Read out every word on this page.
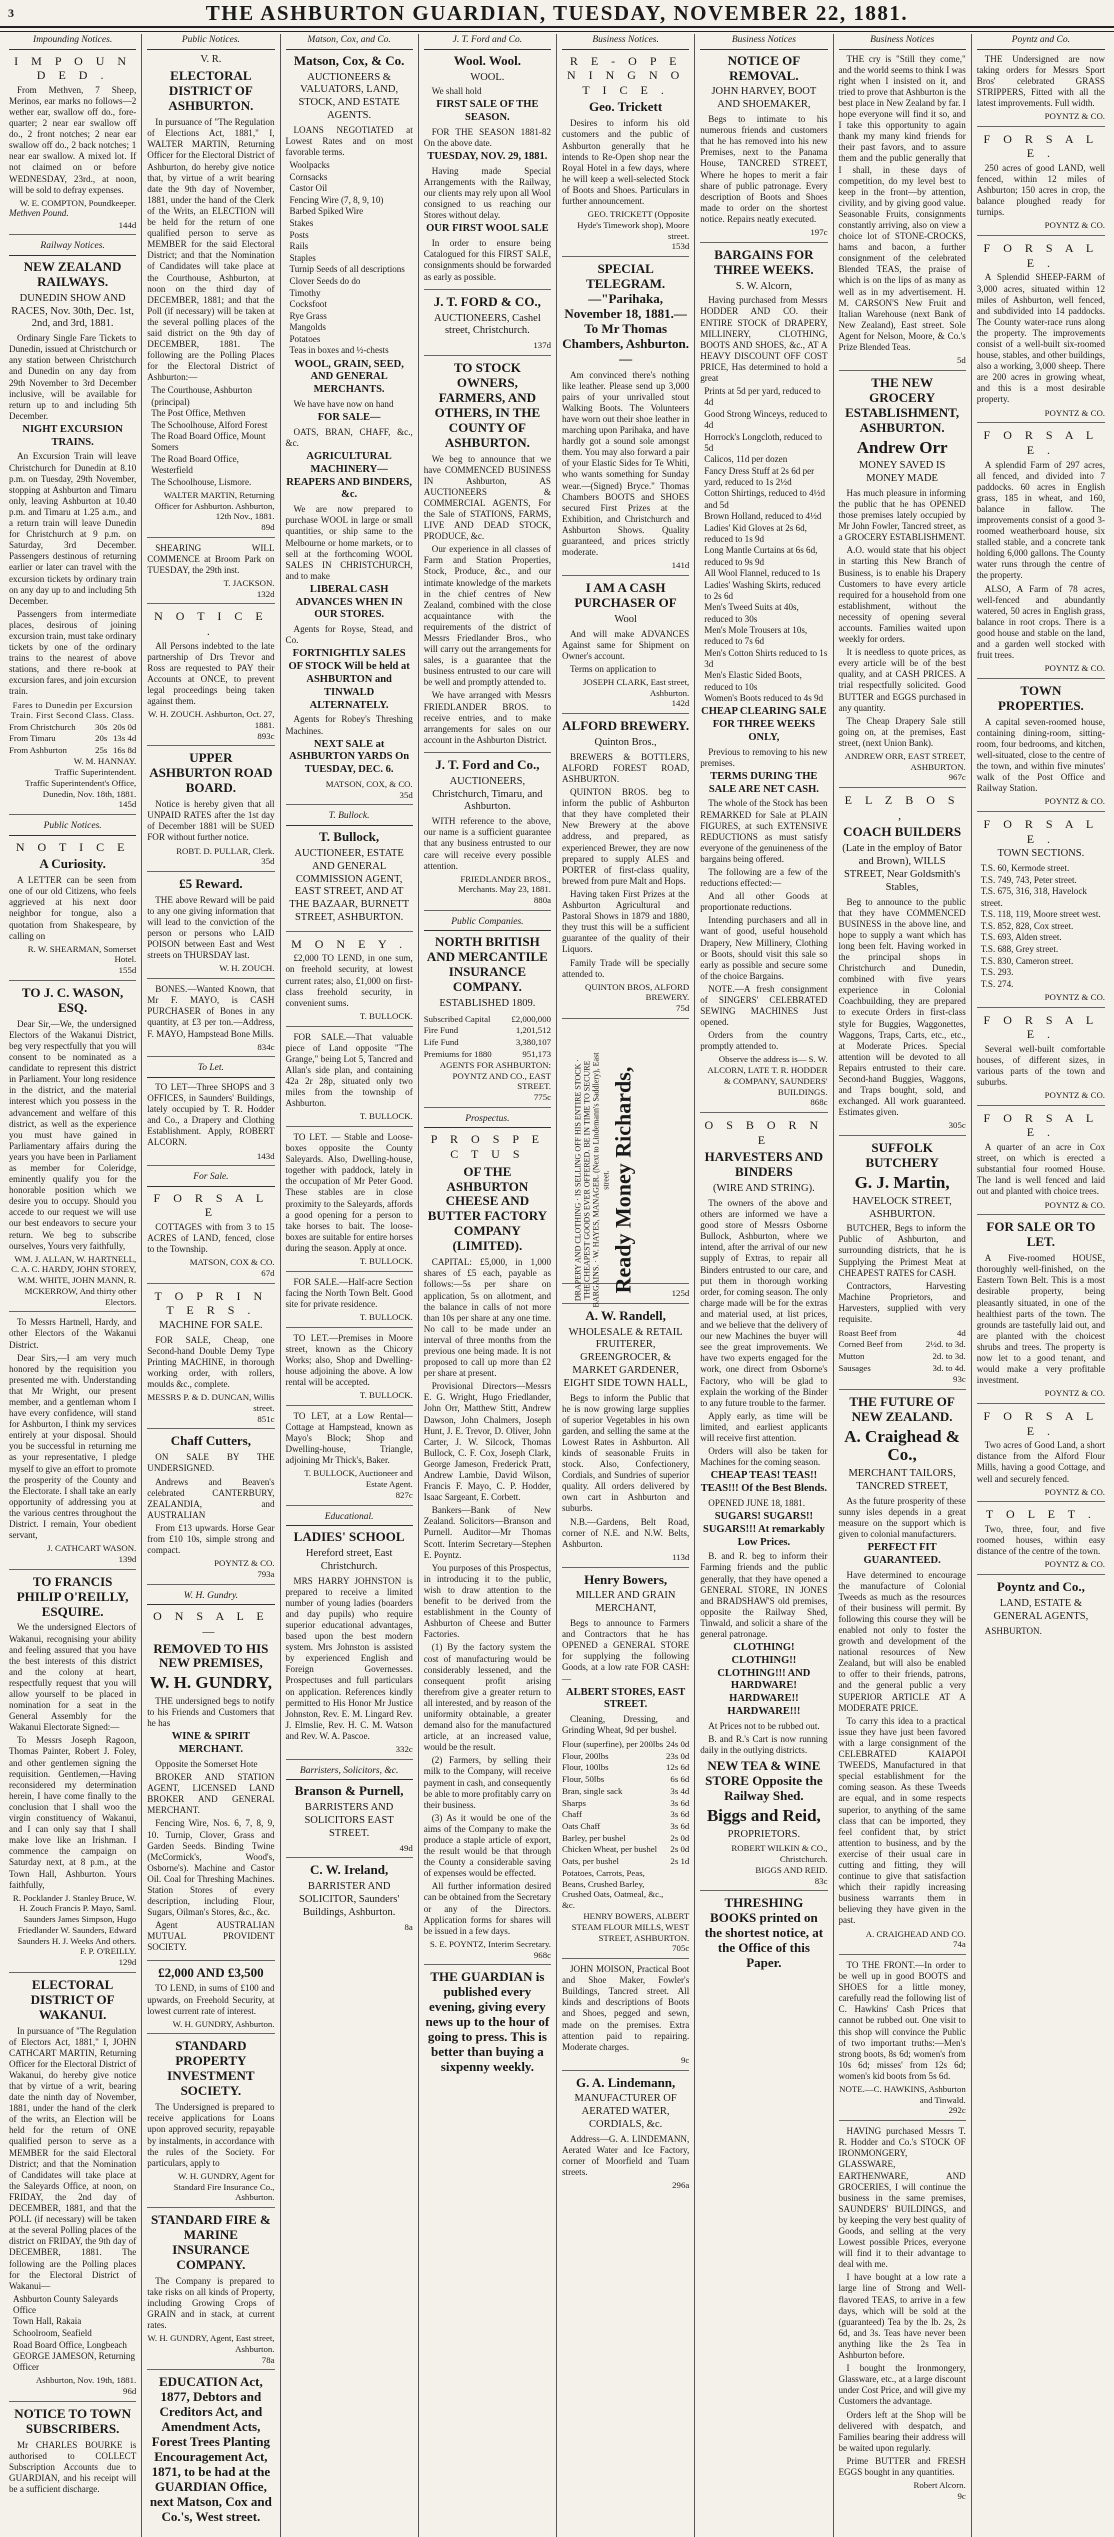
3	THE ASHBURTON GUARDIAN, TUESDAY, NOVEMBER 22, 1881.
Impounding Notices.
I M P O U N D E D .
From Methven, 7 Sheep, Merinos, ear marks no follows—2 wether ear, swallow off do., fore-quarter; 2 near ear swallow off do., 2 front notches; 2 near ear swallow off do., 2 back notches; 1 near ear swallow. A mixed lot. If not claimed on or before WEDNESDAY, 23rd., at noon, will be sold to defray expenses.
W. E. COMPTON, Poundkeeper.
Methven Pound.
144d
Railway Notices.
NEW ZEALAND RAILWAYS.
DUNEDIN SHOW AND RACES, Nov. 30th, Dec. 1st, 2nd, and 3rd, 1881.
Ordinary Single Fare Tickets to Dunedin, issued at Christchurch or any station between Christchurch and Dunedin on any day from 29th November to 3rd December inclusive, will be available for return up to and including 5th December.
NIGHT EXCURSION TRAINS.
An Excursion Train will leave Christchurch for Dunedin at 8.10 p.m. on Tuesday, 29th November, stopping at Ashburton and Timaru only, leaving Ashburton at 10.40 p.m. and Timaru at 1.25 a.m., and a return train will leave Dunedin for Christchurch at 9 p.m. on Saturday, 3rd December. Passengers destinous of returning earlier or later can travel with the excursion tickets by ordinary train on any day up to and including 5th December.
Passengers from intermediate places, desirous of joining excursion train, must take ordinary tickets by one of the ordinary trains to the nearest of above stations, and there re-book at excursion fares, and join excursion train.
Fares to Dunedin per Excursion Train. First Second Class. Class.
From Christchurch	30s	20s 0d
From Timaru	20s	13s 4d
From Ashburton	25s	16s 8d
W. M. HANNAY.
Traffic Superintendent.
Traffic Superintendent's Office, Dunedin, Nov. 18th, 1881.
145d
Public Notices.
N O T I C E
A Curiosity.
A LETTER can be seen from one of our old Citizens, who feels aggrieved at his next door neighbor for tongue, also a quotation from Shakespeare, by calling on
R. W. SHEARMAN, Somerset Hotel.
155d
TO J. C. WASON, ESQ.
Dear Sir,—We, the undersigned Electors of the Wakanui District, beg very respectfully that you will consent to be nominated as a candidate to represent this district in Parliament. Your long residence in the district, and the material interest which you possess in the advancement and welfare of this district, as well as the experience you must have gained in Parliamentary affairs during the years you have been in Parliament as member for Coleridge, eminently qualify you for the honorable position which we desire you to occupy. Should you accede to our request we will use our best endeavors to secure your return. We beg to subscribe ourselves, Yours very faithfully,
WM. J. ALLAN, W. HARTNELL, C. A. C. HARDY, JOHN STOREY, W.M. WHITE, JOHN MANN, R. MCKERROW, And thirty other Electors.
To Messrs Hartnell, Hardy, and other Electors of the Wakanui District.
Dear Sirs,—I am very much honored by the requisition you presented me with. Understanding that Mr Wright, our present member, and a gentleman whom I have every confidence, will stand for Ashburton, I think my services entirely at your disposal. Should you be successful in returning me as your representative, I pledge myself to give an effort to promote the prosperity of the County and the Electorate. I shall take an early opportunity of addressing you at the various centres throughout the District. I remain, Your obedient servant,
J. CATHCART WASON.
139d
TO FRANCIS PHILIP O'REILLY, ESQUIRE.
We the undersigned Electors of Wakanui, recognising your ability and feeling assured that you have the best interests of this district and the colony at heart, respectfully request that you will allow yourself to be placed in nomination for a seat in the General Assembly for the Wakanui Electorate Signed:—
To Messrs Joseph Ragoon, Thomas Painter, Robert J. Foley, and other gentlemen signing the requisition. Gentlemen,—Having reconsidered my determination herein, I have come finally to the conclusion that I shall woo the virgin constituency of Wakanui, and I can only say that I shall make love like an Irishman. I commence the campaign on Saturday next, at 8 p.m., at the Town Hall, Ashburton. Yours faithfully,
R. Pocklander J. Stanley Bruce, W. H. Zouch Francis P. Mayo, Saml. Saunders James Simpson, Hugo Friedlander W. Saunders, Edward Saunders H. J. Weeks And others.
F. P. O'REILLY.
129d
ELECTORAL DISTRICT OF WAKANUI.
In pursuance of "The Regulation of Electors Act, 1881," I, JOHN CATHCART MARTIN, Returning Officer for the Electoral District of Wakanui, do hereby give notice that by virtue of a writ, bearing date the ninth day of November, 1881, under the hand of the clerk of the writs, an Election will be held for the return of ONE qualified person to serve as a MEMBER for the said Electoral District; and that the Nomination of Candidates will take place at the Saleyards Office, at noon, on FRIDAY, the 2nd day of DECEMBER, 1881, and that the POLL (if necessary) will be taken at the several Polling places of the district on FRIDAY, the 9th day of DECEMBER, 1881. The following are the Polling places for the Electoral District of Wakanui—
Ashburton County Saleyards Office
Town Hall, Rakaia
Schoolroom, Seafield
Road Board Office, Longbeach
GEORGE JAMESON, Returning Officer
Ashburton, Nov. 19th, 1881.
96d
NOTICE TO TOWN SUBSCRIBERS.
Mr CHARLES BOURKE is authorised to COLLECT Subscription Accounts due to GUARDIAN, and his receipt will be a sufficient discharge.
Public Notices.
V. R.
ELECTORAL DISTRICT OF ASHBURTON.
In pursuance of "The Regulation of Elections Act, 1881," I, WALTER MARTIN, Returning Officer for the Electoral District of Ashburton, do hereby give notice that, by virtue of a writ bearing date the 9th day of November, 1881, under the hand of the Clerk of the Writs, an ELECTION will be held for the return of one qualified person to serve as MEMBER for the said Electoral District; and that the Nomination of Candidates will take place at the Courthouse, Ashburton, at noon on the third day of DECEMBER, 1881; and that the Poll (if necessary) will be taken at the several polling places of the said district on the 9th day of DECEMBER, 1881. The following are the Polling Places for the Electoral District of Ashburton:—
The Courthouse, Ashburton (principal)
The Post Office, Methven
The Schoolhouse, Alford Forest
The Road Board Office, Mount Somers
The Road Board Office, Westerfield
The Schoolhouse, Lismore.
WALTER MARTIN, Returning Officer for Ashburton. Ashburton, 12th Nov., 1881.
89d
SHEARING WILL COMMENCE at Broom Park on TUESDAY, the 29th inst.
T. JACKSON.
132d
N O T I C E .
All Persons indebted to the late partnership of Drs Trevor and Ross are requested to PAY their Accounts at ONCE, to prevent legal proceedings being taken against them.
W. H. ZOUCH. Ashburton, Oct. 27, 1881.
893c
UPPER ASHBURTON ROAD BOARD.
Notice is hereby given that all UNPAID RATES after the 1st day of December 1881 will be SUED FOR without further notice.
ROBT. D. PULLAR, Clerk.
35d
£5 Reward.
THE above Reward will be paid to any one giving information that will lead to the conviction of the person or persons who LAID POISON between East and West streets on THURSDAY last.
W. H. ZOUCH.
BONES.—Wanted Known, that Mr F. MAYO, is CASH PURCHASER of Bones in any quantity, at £3 per ton.—Address, F. MAYO, Hampstead Bone Mills.
834c
To Let.
TO LET—Three SHOPS and 3 OFFICES, in Saunders' Buildings, lately occupied by T. R. Hodder and Co., a Drapery and Clothing Establishment. Apply, ROBERT ALCORN.
143d
For Sale.
F O R S A L E
COTTAGES with from 3 to 15 ACRES of LAND, fenced, close to the Township.
MATSON, COX & CO.
67d
T O P R I N T E R S .
MACHINE FOR SALE.
FOR SALE, Cheap, one Second-hand Double Demy Type Printing MACHINE, in thorough working order, with rollers, moulds &c., complete.
MESSRS P. & D. DUNCAN, Willis street.
851c
Chaff Cutters,
ON SALE BY THE UNDERSIGNED.
Andrews and Beaven's celebrated CANTERBURY, ZEALANDIA, and AUSTRALIAN
From £13 upwards. Horse Gear from £10 10s, simple strong and compact.
POYNTZ & CO.
793a
W. H. Gundry.
O N S A L E —
REMOVED TO HIS NEW PREMISES,
W. H. GUNDRY,
THE undersigned begs to notify to his Friends and Customers that he has
WINE & SPIRIT MERCHANT.
Opposite the Somerset Hote
BROKER AND STATION AGENT, LICENSED LAND BROKER AND GENERAL MERCHANT.
Fencing Wire, Nos. 6, 7, 8, 9, 10. Turnip, Clover, Grass and Garden Seeds. Binding Twine (McCormick's, Wood's, Osborne's). Machine and Castor Oil. Coal for Threshing Machines. Station Stores of every description, including Flour, Sugars, Oilman's Stores, &c., &c.
Agent AUSTRALIAN MUTUAL PROVIDENT SOCIETY.
£2,000 AND £3,500
TO LEND, in sums of £100 and upwards, on Freehold Security, at lowest current rate of interest.
W. H. GUNDRY, Ashburton.
STANDARD PROPERTY INVESTMENT SOCIETY.
The Undersigned is prepared to receive applications for Loans upon approved security, repayable by instalments, in accordance with the rules of the Society. For particulars, apply to
W. H. GUNDRY, Agent for Standard Fire Insurance Co., Ashburton.
STANDARD FIRE & MARINE INSURANCE COMPANY.
The Company is prepared to take risks on all kinds of Property, including Growing Crops of GRAIN and in stack, at current rates.
W. H. GUNDRY, Agent, East street, Ashburton.
78a
EDUCATION Act, 1877, Debtors and Creditors Act, and Amendment Acts, Forest Trees Planting Encouragement Act, 1871, to be had at the GUARDIAN Office, next Matson, Cox and Co.'s, West street.
Matson, Cox, and Co.
Matson, Cox, & Co.
AUCTIONEERS & VALUATORS, LAND, STOCK, AND ESTATE AGENTS.
LOANS NEGOTIATED at Lowest Rates and on most favorable terms.
Woolpacks
Cornsacks
Castor Oil
Fencing Wire (7, 8, 9, 10)
Barbed Spiked Wire
Stakes
Posts
Rails
Staples
Turnip Seeds of all descriptions
Clover Seeds do do
Timothy
Cocksfoot
Rye Grass
Mangolds
Potatoes
Teas in boxes and ½-chests
WOOL, GRAIN, SEED, AND GENERAL MERCHANTS.
We have have now on hand
FOR SALE—
OATS, BRAN, CHAFF, &c., &c.
AGRICULTURAL MACHINERY— REAPERS AND BINDERS, &c.
We are now prepared to purchase WOOL in large or small quantities, or ship same to the Melbourne or home markets, or to sell at the forthcoming WOOL SALES IN CHRISTCHURCH, and to make
LIBERAL CASH ADVANCES WHEN IN OUR STORES.
Agents for Royse, Stead, and Co.
FORTNIGHTLY SALES OF STOCK Will be held at ASHBURTON and TINWALD ALTERNATELY.
Agents for Robey's Threshing Machines.
NEXT SALE at ASHBURTON YARDS On TUESDAY, DEC. 6.
MATSON, COX, & CO.
35d
T. Bullock.
T. Bullock,
AUCTIONEER, ESTATE AND GENERAL COMMISSION AGENT, EAST STREET, AND AT THE BAZAAR, BURNETT STREET, ASHBURTON.
M O N E Y .
£2,000 TO LEND, in one sum, on freehold security, at lowest current rates; also, £1,000 on first-class freehold security, in convenient sums.
T. BULLOCK.
FOR SALE.—That valuable piece of Land opposite "The Grange," being Lot 5, Tancred and Allan's side plan, and containing 42a 2r 28p, situated only two miles from the township of Ashburton.
T. BULLOCK.
TO LET. — Stable and Loose-boxes opposite the County Saleyards. Also, Dwelling-house, together with paddock, lately in the occupation of Mr Peter Good. These stables are in close proximity to the Saleyards, affords a good opening for a person to take horses to bait. The loose-boxes are suitable for entire horses during the season. Apply at once.
T. BULLOCK.
FOR SALE.—Half-acre Section facing the North Town Belt. Good site for private residence.
T. BULLOCK.
TO LET.—Premises in Moore street, known as the Chicory Works; also, Shop and Dwelling-house adjoining the above. A low rental will be accepted.
T. BULLOCK.
TO LET, at a Low Rental—Cottage at Hampstead, known as Mayo's Block; Shop and Dwelling-house, Triangle, adjoining Mr Thick's, Baker.
T. BULLOCK, Auctioneer and Estate Agent.
827c
Educational.
LADIES' SCHOOL
Hereford street, East Christchurch.
MRS HARRY JOHNSTON is prepared to receive a limited number of young ladies (boarders and day pupils) who require superior educational advantages, based upon the best modern system. Mrs Johnston is assisted by experienced English and Foreign Governesses. Prospectuses and full particulars on application. References kindly permitted to His Honor Mr Justice Johnston, Rev. E. M. Lingard Rev. J. Elmslie, Rev. H. C. M. Watson and Rev. W. A. Pascoe.
332c
Barristers, Solicitors, &c.
Branson & Purnell,
BARRISTERS AND SOLICITORS EAST STREET.
49d
C. W. Ireland,
BARRISTER AND SOLICITOR, Saunders' Buildings, Ashburton.
8a
J. T. Ford and Co.
Wool. Wool.
WOOL.
We shall hold
FIRST SALE OF THE SEASON.
FOR THE SEASON 1881-82 On the above date.
TUESDAY, NOV. 29, 1881.
Having made Special Arrangements with the Railway, our clients may rely upon all Wool consigned to us reaching our Stores without delay.
OUR FIRST WOOL SALE
In order to ensure being Catalogued for this FIRST SALE, consignments should be forwarded as early as possible.
J. T. FORD & CO.,
AUCTIONEERS, Cashel street, Christchurch.
137d
TO STOCK OWNERS, FARMERS, AND OTHERS, IN THE COUNTY OF ASHBURTON.
We beg to announce that we have COMMENCED BUSINESS IN Ashburton, AS AUCTIONEERS & COMMERCIAL AGENTS, For the Sale of STATIONS, FARMS, LIVE AND DEAD STOCK, PRODUCE, &c.
Our experience in all classes of Farm and Station Properties, Stock, Produce, &c., and our intimate knowledge of the markets in the chief centres of New Zealand, combined with the close acquaintance with the requirements of the district of Messrs Friedlander Bros., who will carry out the arrangements for sales, is a guarantee that the business entrusted to our care will be well and promptly attended to.
We have arranged with Messrs FRIEDLANDER BROS. to receive entries, and to make arrangements for sales on our account in the Ashburton District.
J. T. Ford and Co.,
AUCTIONEERS, Christchurch, Timaru, and Ashburton.
WITH reference to the above, our name is a sufficient guarantee that any business entrusted to our care will receive every possible attention.
FRIEDLANDER BROS., Merchants. May 23, 1881.
880a
Public Companies.
NORTH BRITISH AND MERCANTILE INSURANCE COMPANY.
ESTABLISHED 1809.
Subscribed Capital	£2,000,000
Fire Fund	1,201,512
Life Fund	3,380,107
Premiums for 1880	951,173
AGENTS FOR ASHBURTON: POYNTZ AND CO., EAST STREET.
775c
Prospectus.
P R O S P E C T U S
OF THE ASHBURTON CHEESE AND BUTTER FACTORY COMPANY (LIMITED).
CAPITAL: £5,000, in 1,000 shares of £5 each, payable as follows:—5s per share on application, 5s on allotment, and the balance in calls of not more than 10s per share at any one time. No call to be made under an interval of three months from the previous one being made. It is not proposed to call up more than £2 per share at present.
Provisional Directors—Messrs E. G. Wright, Hugo Friedlander, John Orr, Matthew Stitt, Andrew Dawson, John Chalmers, Joseph Hunt, J. E. Trevor, D. Oliver, John Carter, J. W. Silcock, Thomas Bullock, C. F. Cox, Joseph Clark, George Jameson, Frederick Pratt, Andrew Lambie, David Wilson, Francis F. Mayo, C. P. Hodder, Isaac Sargeant, E. Corbett.
Bankers—Bank of New Zealand. Solicitors—Branson and Purnell. Auditor—Mr Thomas Scott. Interim Secretary—Stephen E. Poyntz.
You purposes of this Prospectus, in introducing it to the public, wish to draw attention to the benefit to be derived from the establishment in the County of Ashburton of Cheese and Butter Factories.
(1) By the factory system the cost of manufacturing would be considerably lessened, and the consequent profit arising therefrom give a greater return to all interested, and by reason of the uniformity obtainable, a greater demand also for the manufactured article, at an increased value, would be the result.
(2) Farmers, by selling their milk to the Company, will receive payment in cash, and consequently be able to more profitably carry on their business.
(3) As it would be one of the aims of the Company to make the produce a staple article of export, the result would be that through the County a considerable saving of expenses would be effected.
All further information desired can be obtained from the Secretary or any of the Directors. Application forms for shares will be issued in a few days.
S. E. POYNTZ, Interim Secretary.
968c
THE GUARDIAN is published every evening, giving every news up to the hour of going to press. This is better than buying a sixpenny weekly.
Business Notices.
R E - O P E N I N G N O T I C E .
Geo. Trickett
Desires to inform his old customers and the public of Ashburton generally that he intends to Re-Open shop near the Royal Hotel in a few days, where he will keep a well-selected Stock of Boots and Shoes. Particulars in further announcement.
GEO. TRICKETT (Opposite Hyde's Timework shop), Moore street.
153d
SPECIAL TELEGRAM.—"Parihaka, November 18, 1881.—To Mr Thomas Chambers, Ashburton.—
Am convinced there's nothing like leather. Please send up 3,000 pairs of your unrivalled stout Walking Boots. The Volunteers have worn out their shoe leather in marching upon Parihaka, and have hardly got a sound sole amongst them. You may also forward a pair of your Elastic Sides for Te Whiti, who wants something for Sunday wear.—(Signed) Bryce." Thomas Chambers BOOTS and SHOES secured First Prizes at the Exhibition, and Christchurch and Ashburton Shows. Quality guaranteed, and prices strictly moderate.
141d
I AM A CASH PURCHASER OF
Wool
And will make ADVANCES Against same for Shipment on Owner's account.
Terms on application to
JOSEPH CLARK, East street, Ashburton.
142d
ALFORD BREWERY.
Quinton Bros.,
BREWERS & BOTTLERS, ALFORD FOREST ROAD, ASHBURTON.
QUINTON BROS. beg to inform the public of Ashburton that they have completed their New Brewery at the above address, and prepared, as experienced Brewer, they are now prepared to supply ALES and PORTER of first-class quality, brewed from pure Malt and Hops.
Having taken First Prizes at the Ashburton Agricultural and Pastoral Shows in 1879 and 1880, they trust this will be a sufficient guarantee of the quality of their Liquors.
Family Trade will be specially attended to.
QUINTON BROS, ALFORD BREWERY.
75d
DRAPERY AND CLOTHING · IS SELLING OFF HIS ENTIRE STOCK · THE CHEAPEST GOODS EVER OFFERED. BE IN TIME TO SECURE BARGAINS. · W. HAYES, MANAGER. (Next to Lindemann's Saddlery), East street. Ready Money Richards,	125d
A. W. Randell,
WHOLESALE & RETAIL FRUITERER, GREENGROCER, & MARKET GARDENER, EIGHT SIDE TOWN HALL,
Begs to inform the Public that he is now growing large supplies of superior Vegetables in his own garden, and selling the same at the Lowest Rates in Ashburton. All kinds of seasonable Fruits in stock. Also, Confectionery, Cordials, and Sundries of superior quality. All orders delivered by own cart in Ashburton and suburbs.
N.B.—Gardens, Belt Road, corner of N.E. and N.W. Belts, Ashburton.
113d
Henry Bowers,
MILLER AND GRAIN MERCHANT,
Begs to announce to Farmers and Contractors that he has OPENED a GENERAL STORE for supplying the following Goods, at a low rate FOR CASH:—
ALBERT STORES, EAST STREET.
Cleaning, Dressing, and Grinding Wheat, 9d per bushel.
Flour (superfine), per 200lbs	24s 0d
Flour, 200lbs	23s 0d
Flour, 100lbs	12s 6d
Flour, 50lbs	6s 6d
Bran, single sack	3s 4d
Sharps	3s 6d
Chaff	3s 6d
Oats Chaff	3s 6d
Barley, per bushel	2s 0d
Chicken Wheat, per bushel	2s 0d
Oats, per bushel	2s 1d
Potatoes, Carrots, Peas, Beans, Crushed Barley, Crushed Oats, Oatmeal, &c., &c.	
HENRY BOWERS, ALBERT STEAM FLOUR MILLS, WEST STREET, ASHBURTON.
705c
JOHN MOISON, Practical Boot and Shoe Maker, Fowler's Buildings, Tancred street. All kinds and descriptions of Boots and Shoes, pegged and sewn, made on the premises. Extra attention paid to repairing. Moderate charges.
9c
G. A. Lindemann,
MANUFACTURER OF AERATED WATER, CORDIALS, &c.
Address—G. A. LINDEMANN, Aerated Water and Ice Factory, corner of Moorfield and Tuam streets.
296a
Business Notices
NOTICE OF REMOVAL.
JOHN HARVEY, BOOT AND SHOEMAKER,
Begs to intimate to his numerous friends and customers that he has removed into his new Premises, next to the Panama House, TANCRED STREET, Where he hopes to merit a fair share of public patronage. Every description of Boots and Shoes made to order on the shortest notice. Repairs neatly executed.
197c
BARGAINS FOR THREE WEEKS.
S. W. Alcorn,
Having purchased from Messrs HODDER AND CO. their ENTIRE STOCK of DRAPERY, MILLINERY, CLOTHING, BOOTS AND SHOES, &c., AT A HEAVY DISCOUNT OFF COST PRICE, Has determined to hold a great
Prints at 5d per yard, reduced to 4d
Good Strong Winceys, reduced to 4d
Horrock's Longcloth, reduced to 5d
Calicos, 11d per dozen
Fancy Dress Stuff at 2s 6d per yard, reduced to 1s 2½d
Cotton Shirtings, reduced to 4½d and 5d
Brown Holland, reduced to 4½d
Ladies' Kid Gloves at 2s 6d, reduced to 1s 9d
Long Mantle Curtains at 6s 6d, reduced to 9s 9d
All Wool Flannel, reduced to 1s
Ladies' Washing Skirts, reduced to 2s 6d
Men's Tweed Suits at 40s, reduced to 30s
Men's Mole Trousers at 10s, reduced to 7s 6d
Men's Cotton Shirts reduced to 1s 3d
Men's Elastic Sided Boots, reduced to 10s
Women's Boots reduced to 4s 9d
CHEAP CLEARING SALE FOR THREE WEEKS ONLY,
Previous to removing to his new premises.
TERMS DURING THE SALE ARE NET CASH.
The whole of the Stock has been REMARKED for Sale at PLAIN FIGURES, at such EXTENSIVE REDUCTIONS as must satisfy everyone of the genuineness of the bargains being offered.
The following are a few of the reductions effected:—
And all other Goods at proportionate reductions.
Intending purchasers and all in want of good, useful household Drapery, New Millinery, Clothing or Boots, should visit this sale so early as possible and secure some of the choice Bargains.
NOTE.—A fresh consignment of SINGERS' CELEBRATED SEWING MACHINES Just opened.
Orders from the country promptly attended to.
Observe the address is— S. W. ALCORN, LATE T. R. HODDER & COMPANY, SAUNDERS' BUILDINGS.
868c
O S B O R N E
HARVESTERS AND BINDERS
(WIRE AND STRING).
The owners of the above and others are informed we have a good store of Messrs Osborne Bullock, Ashburton, where we intend, after the arrival of our new supply of Extras, to repair all Binders entrusted to our care, and put them in thorough working order, for coming season. The only charge made will be for the extras and material used, at list prices, and we believe that the delivery of our new Machines the buyer will see the great improvements. We have two experts engaged for the work, one direct from Osborne's Factory, who will be glad to explain the working of the Binder to any future trouble to the farmer.
Apply early, as time will be limited, and earliest applicants will receive first attention.
Orders will also be taken for Machines for the coming season.
CHEAP TEAS! TEAS!! TEAS!!! Of the Best Blends.
OPENED JUNE 18, 1881.
SUGARS! SUGARS!! SUGARS!!! At remarkably Low Prices.
B. and R. beg to inform their Farming friends and the public generally, that they have opened a GENERAL STORE, IN JONES and BRADSHAW'S old premises, opposite the Railway Shed, Tinwald, and solicit a share of the general patronage.
CLOTHING! CLOTHING!! CLOTHING!!! AND HARDWARE! HARDWARE!! HARDWARE!!!
At Prices not to be rubbed out.
B. and R.'s Cart is now running daily in the outlying districts.
NEW TEA & WINE STORE Opposite the Railway Shed.
Biggs and Reid,
PROPRIETORS.
ROBERT WILKIN & CO., Christchurch.
BIGGS AND REID.
83c
THRESHING BOOKS printed on the shortest notice, at the Office of this Paper.
Business Notices
THE cry is "Still they come," and the world seems to think I was right when I insisted on it, and tried to prove that Ashburton is the best place in New Zealand by far. I hope everyone will find it so, and I take this opportunity to again thank my many kind friends for their past favors, and to assure them and the public generally that I shall, in these days of competition, do my level best to keep in the front—by attention, civility, and by giving good value. Seasonable Fruits, consignments constantly arriving, also on view a choice lot of STONE-CROCKS, hams and bacon, a further consignment of the celebrated Blended TEAS, the praise of which is on the lips of as many as well as in my advertisement. H. M. CARSON'S New Fruit and Italian Warehouse (next Bank of New Zealand), East street. Sole Agent for Nelson, Moore, & Co.'s Prize Blended Teas.
5d
THE NEW GROCERY ESTABLISHMENT, ASHBURTON.
Andrew Orr
MONEY SAVED IS MONEY MADE
Has much pleasure in informing the public that he has OPENED those premises lately occupied by Mr John Fowler, Tancred street, as a GROCERY ESTABLISHMENT.
A.O. would state that his object in starting this New Branch of Business, is to enable his Drapery Customers to have every article required for a household from one establishment, without the necessity of opening several accounts. Families waited upon weekly for orders.
It is needless to quote prices, as every article will be of the best quality, and at CASH PRICES. A trial respectfully solicited. Good BUTTER and EGGS purchased in any quantity.
The Cheap Drapery Sale still going on, at the premises, East street, (next Union Bank).
ANDREW ORR, EAST STREET, ASHBURTON.
967c
E L Z B O S ,
COACH BUILDERS
(Late in the employ of Bator and Brown), WILLS STREET, Near Goldsmith's Stables,
Beg to announce to the public that they have COMMENCED BUSINESS in the above line, and hope to supply a want which has long been felt. Having worked in the principal shops in Christchurch and Dunedin, combined with five years experience in Colonial Coachbuilding, they are prepared to execute Orders in first-class style for Buggies, Waggonettes, Waggons, Traps, Carts, etc., etc., at Moderate Prices. Special attention will be devoted to all Repairs entrusted to their care. Second-hand Buggies, Waggons, and Traps bought, sold, and exchanged. All work guaranteed. Estimates given.
305c
SUFFOLK BUTCHERY
G. J. Martin,
HAVELOCK STREET, ASHBURTON.
BUTCHER, Begs to inform the Public of Ashburton, and surrounding districts, that he is Supplying the Primest Meat at CHEAPEST RATES for CASH.
Contractors, Harvesting Machine Proprietors, and Harvesters, supplied with very requisite.
Roast Beef from	4d
Corned Beef from	2½d. to 3d.
Mutton	2d. to 3d.
Sausages	3d. to 4d.
93c
THE FUTURE OF NEW ZEALAND.
A. Craighead & Co.,
MERCHANT TAILORS, TANCRED STREET,
As the future prosperity of these sunny isles depends in a great measure on the support which is given to colonial manufacturers.
PERFECT FIT GUARANTEED.
Have determined to encourage the manufacture of Colonial Tweeds as much as the resources of their business will permit. By following this course they will be enabled not only to foster the growth and development of the national resources of New Zealand, but will also be enabled to offer to their friends, patrons, and the general public a very SUPERIOR ARTICLE AT A MODERATE PRICE.
To carry this idea to a practical issue they have just been favored with a large consignment of the CELEBRATED KAIAPOI TWEEDS, Manufactured in that special establishment for the coming season. As these Tweeds are equal, and in some respects superior, to anything of the same class that can be imported, they feel confident that, by strict attention to business, and by the exercise of their usual care in cutting and fitting, they will continue to give that satisfaction which their rapidly increasing business warrants them in believing they have given in the past.
A. CRAIGHEAD AND CO.
74a
TO THE FRONT.—In order to be well up in good BOOTS and SHOES for a little money, carefully read the following list of C. Hawkins' Cash Prices that cannot be rubbed out. One visit to this shop will convince the Public of two important truths:—Men's strong boots, 8s 6d; women's from 10s 6d; misses' from 12s 6d; women's kid boots from 5s 6d.
NOTE.—C. HAWKINS, Ashburton and Tinwald.
292c
HAVING purchased Messrs T. R. Hodder and Co.'s STOCK OF IRONMONGERY, GLASSWARE, EARTHENWARE, AND GROCERIES, I will continue the business in the same premises, SAUNDERS' BUILDINGS, and by keeping the very best quality of Goods, and selling at the very Lowest possible Prices, everyone will find it to their advantage to deal with me.
I have bought at a low rate a large line of Strong and Well-flavored TEAS, to arrive in a few days, which will be sold at the (guaranteed) Tea by the lb. 2s, 2s 6d, and 3s. Teas have never been anything like the 2s Tea in Ashburton before.
I bought the Ironmongery, Glassware, etc., at a large discount under Cost Price, and will give my Customers the advantage.
Orders left at the Shop will be delivered with despatch, and Families bearing their address will be waited upon regularly.
Prime BUTTER and FRESH EGGS bought in any quantities.
Robert Alcorn.
9c
Poyntz and Co.
THE Undersigned are now taking orders for Messrs Sport Bros' celebrated GRASS STRIPPERS, Fitted with all the latest improvements. Full width.
POYNTZ & CO.
F O R S A L E .
250 acres of good LAND, well fenced, within 12 miles of Ashburton; 150 acres in crop, the balance ploughed ready for turnips.
POYNTZ & CO.
F O R S A L E .
A Splendid SHEEP-FARM of 3,000 acres, situated within 12 miles of Ashburton, well fenced, and subdivided into 14 paddocks. The County water-race runs along the property. The improvements consist of a well-built six-roomed house, stables, and other buildings, also a working, 3,000 sheep. There are 200 acres in growing wheat, and this is a most desirable property.
POYNTZ & CO.
F O R S A L E .
A splendid Farm of 297 acres, all fenced, and divided into 7 paddocks. 60 acres in English grass, 185 in wheat, and 160, balance in fallow. The improvements consist of a good 3-roomed weatherboard house, six stalled stable, and a concrete tank holding 6,000 gallons. The County water runs through the centre of the property.
ALSO, A Farm of 78 acres, well-fenced and abundantly watered, 50 acres in English grass, balance in root crops. There is a good house and stable on the land, and a garden well stocked with fruit trees.
POYNTZ & CO.
TOWN PROPERTIES.
A capital seven-roomed house, containing dining-room, sitting-room, four bedrooms, and kitchen, well-situated, close to the centre of the town, and within five minutes' walk of the Post Office and Railway Station.
POYNTZ & CO.
F O R S A L E .
TOWN SECTIONS.
T.S. 60, Kermode street.
T.S. 749, 743, Peter street.
T.S. 675, 316, 318, Havelock street.
T.S. 118, 119, Moore street west.
T.S. 852, 828, Cox street.
T.S. 693, Alden street.
T.S. 688, Grey street.
T.S. 830, Cameron street.
T.S. 293.
T.S. 274.
POYNTZ & CO.
F O R S A L E .
Several well-built comfortable houses, of different sizes, in various parts of the town and suburbs.
POYNTZ & CO.
F O R S A L E .
A quarter of an acre in Cox street, on which is erected a substantial four roomed House. The land is well fenced and laid out and planted with choice trees.
POYNTZ & CO.
FOR SALE OR TO LET.
A Five-roomed HOUSE, thoroughly well-finished, on the Eastern Town Belt. This is a most desirable property, being pleasantly situated, in one of the healthiest parts of the town. The grounds are tastefully laid out, and are planted with the choicest shrubs and trees. The property is now let to a good tenant, and would make a very profitable investment.
POYNTZ & CO.
F O R S A L E .
Two acres of Good Land, a short distance from the Alford Flour Mills, having a good Cottage, and well and securely fenced.
POYNTZ & CO.
T O L E T .
Two, three, four, and five roomed houses, within easy distance of the centre of the town.
POYNTZ & CO.
Poyntz and Co.,
LAND, ESTATE & GENERAL AGENTS,
ASHBURTON.
